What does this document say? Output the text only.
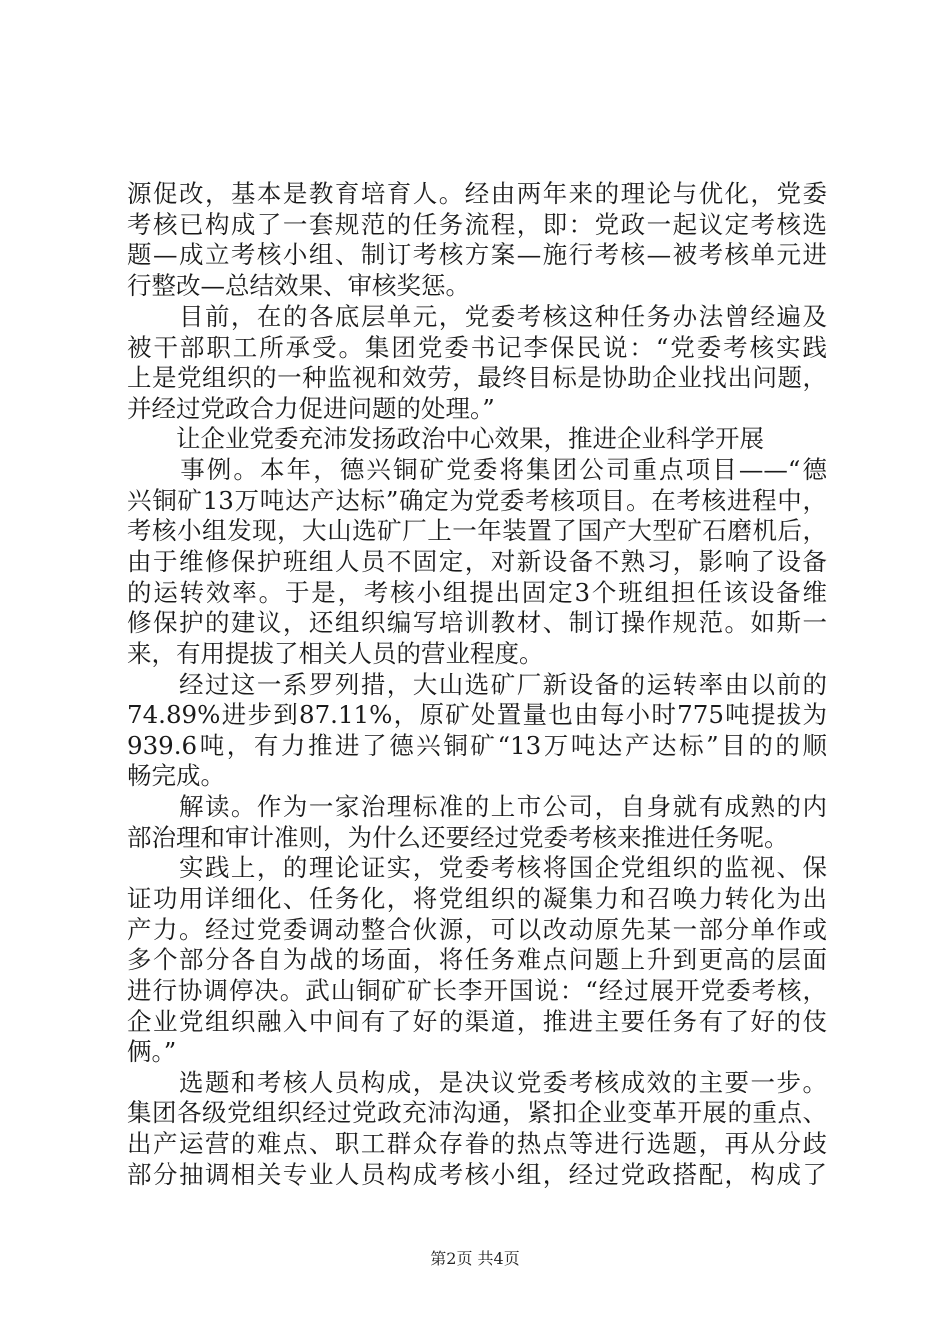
源促改，基本是教育培育人。经由两年来的理论与优化，党委
考核已构成了一套规范的任务流程，即：党政一起议定考核选
题—成立考核小组、制订考核方案—施行考核—被考核单元进
行整改—总结效果、审核奖惩。
　　目前，在的各底层单元，党委考核这种任务办法曾经遍及
被干部职工所承受。集团党委书记李保民说：“党委考核实践
上是党组织的一种监视和效劳，最终目标是协助企业找出问题，
并经过党政合力促进问题的处理。”
　　让企业党委充沛发扬政治中心效果，推进企业科学开展
　　事例。本年，德兴铜矿党委将集团公司重点项目——“德
兴铜矿13万吨达产达标”确定为党委考核项目。在考核进程中，
考核小组发现，大山选矿厂上一年装置了国产大型矿石磨机后，
由于维修保护班组人员不固定，对新设备不熟习，影响了设备
的运转效率。于是，考核小组提出固定3个班组担任该设备维
修保护的建议，还组织编写培训教材、制订操作规范。如斯一
来，有用提拔了相关人员的营业程度。
　　经过这一系罗列措，大山选矿厂新设备的运转率由以前的
74.89%进步到87.11%，原矿处置量也由每小时775吨提拔为
939.6吨，有力推进了德兴铜矿“13万吨达产达标”目的的顺
畅完成。
　　解读。作为一家治理标准的上市公司，自身就有成熟的内
部治理和审计准则，为什么还要经过党委考核来推进任务呢。
　　实践上，的理论证实，党委考核将国企党组织的监视、保
证功用详细化、任务化，将党组织的凝集力和召唤力转化为出
产力。经过党委调动整合伙源，可以改动原先某一部分单作或
多个部分各自为战的场面，将任务难点问题上升到更高的层面
进行协调停决。武山铜矿矿长李开国说：“经过展开党委考核，
企业党组织融入中间有了好的渠道，推进主要任务有了好的伎
俩。”
　　选题和考核人员构成，是决议党委考核成效的主要一步。
集团各级党组织经过党政充沛沟通，紧扣企业变革开展的重点、
出产运营的难点、职工群众存眷的热点等进行选题，再从分歧
部分抽调相关专业人员构成考核小组，经过党政搭配，构成了
第2页 共4页
